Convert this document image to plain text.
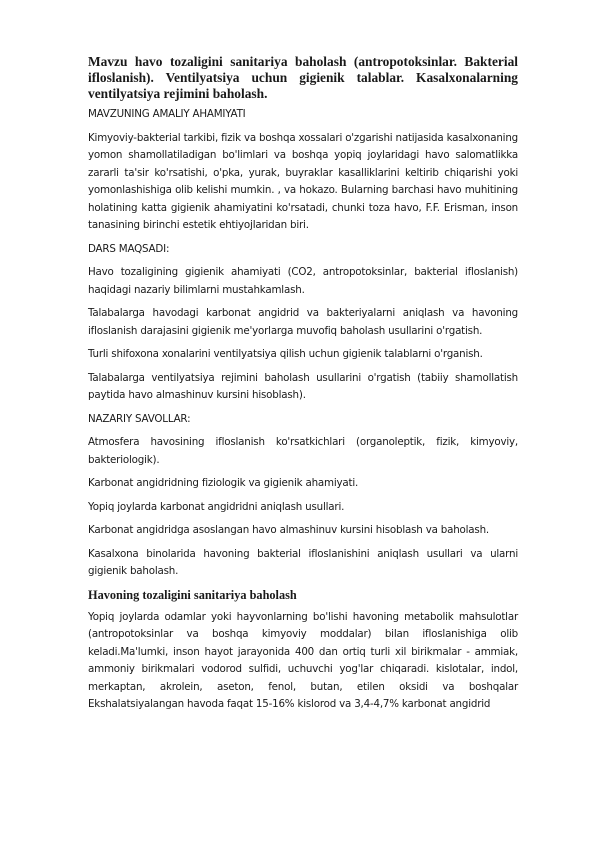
Mavzu havo tozaligini sanitariya baholash (antropotoksinlar. Bakterial ifloslanish). Ventilyatsiya uchun gigienik talablar. Kasalxonalarning ventilyatsiya rejimini baholash.

MAVZUNING AMALIY AHAMIYATI

Kimyoviy-bakterial tarkibi, fizik va boshqa xossalari o'zgarishi natijasida kasalxonaning yomon shamollatiladigan bo'limlari va boshqa yopiq joylaridagi havo salomatlikka zararli ta'sir ko'rsatishi, o'pka, yurak, buyraklar kasalliklarini keltirib chiqarishi yoki yomonlashishiga olib kelishi mumkin. , va hokazo. Bularning barchasi havo muhitining holatining katta gigienik ahamiyatini ko'rsatadi, chunki toza havo, F.F. Erisman, inson tanasining birinchi estetik ehtiyojlaridan biri.

DARS MAQSADI:

Havo tozaligining gigienik ahamiyati (CO2, antropotoksinlar, bakterial ifloslanish) haqidagi nazariy bilimlarni mustahkamlash.

Talabalarga havodagi karbonat angidrid va bakteriyalarni aniqlash va havoning ifloslanish darajasini gigienik me'yorlarga muvofiq baholash usullarini o'rgatish.

Turli shifoxona xonalarini ventilyatsiya qilish uchun gigienik talablarni o'rganish.

Talabalarga ventilyatsiya rejimini baholash usullarini o'rgatish (tabiiy shamollatish paytida havo almashinuv kursini hisoblash).

NAZARIY SAVOLLAR:

Atmosfera havosining ifloslanish ko'rsatkichlari (organoleptik, fizik, kimyoviy, bakteriologik).

Karbonat angidridning fiziologik va gigienik ahamiyati.

Yopiq joylarda karbonat angidridni aniqlash usullari.

Karbonat angidridga asoslangan havo almashinuv kursini hisoblash va baholash.

Kasalxona binolarida havoning bakterial ifloslanishini aniqlash usullari va ularni gigienik baholash.

Havoning tozaligini sanitariya baholash

Yopiq joylarda odamlar yoki hayvonlarning bo'lishi havoning metabolik mahsulotlar (antropotoksinlar va boshqa kimyoviy moddalar) bilan ifloslanishiga olib keladi.Ma'lumki, inson hayot jarayonida 400 dan ortiq turli xil birikmalar - ammiak, ammoniy birikmalari vodorod sulfidi, uchuvchi yog'lar chiqaradi. kislotalar, indol, merkaptan, akrolein, aseton, fenol, butan, etilen oksidi va boshqalar Ekshalatsiyalangan havoda faqat 15-16% kislorod va 3,4-4,7% karbonat angidrid
